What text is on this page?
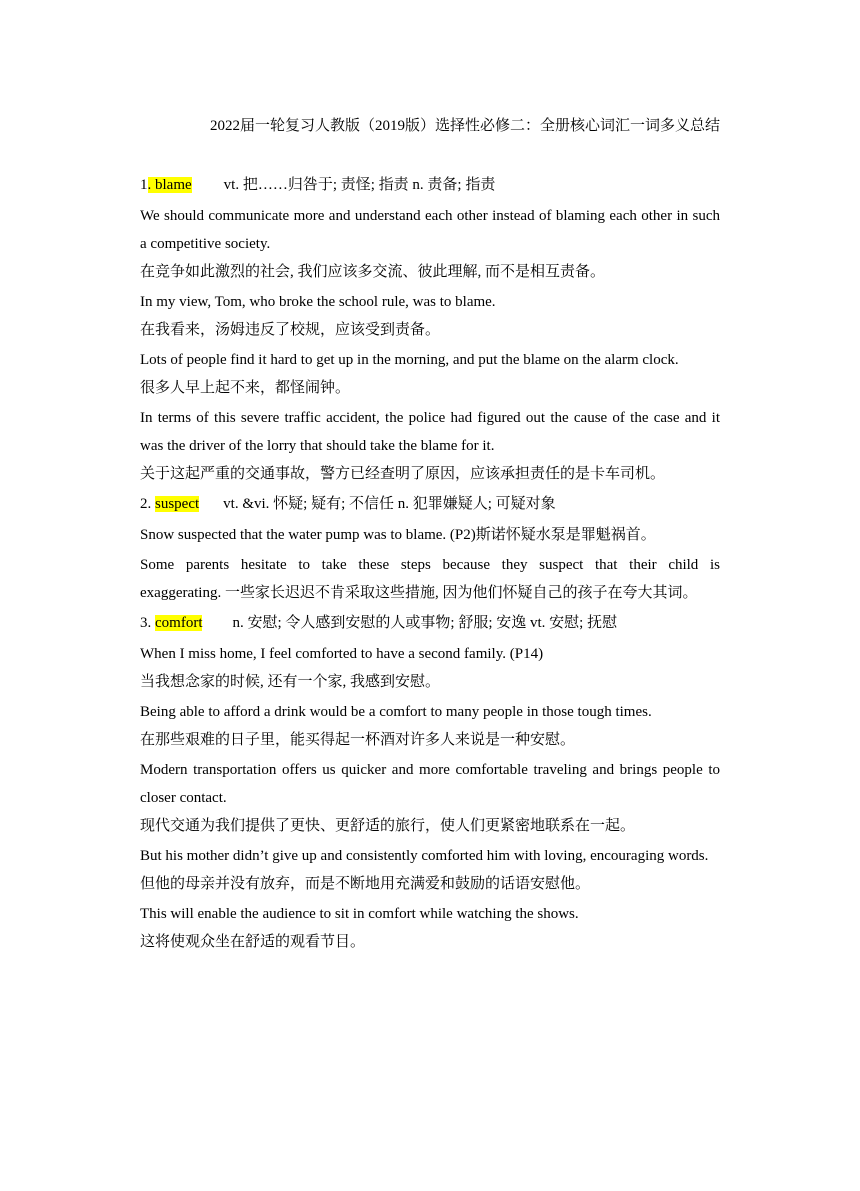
2022届一轮复习人教版（2019版）选择性必修二：全册核心词汇一词多义总结
1. blame vt. 把……归咎于; 责怪; 指责 n. 责备; 指责
We should communicate more and understand each other instead of blaming each other in such a competitive society.
在竞争如此激烈的社会, 我们应该多交流、彼此理解, 而不是相互责备。
In my view, Tom, who broke the school rule, was to blame.
在我看来，汤姆违反了校规，应该受到责备。
Lots of people find it hard to get up in the morning, and put the blame on the alarm clock.
很多人早上起不来，都怪闹钟。
In terms of this severe traffic accident, the police had figured out the cause of the case and it was the driver of the lorry that should take the blame for it.
关于这起严重的交通事故，警方已经查明了原因，应该承担责任的是卡车司机。
2. suspect vt. &vi. 怀疑; 疑有; 不信任 n. 犯罪嫌疑人; 可疑对象
Snow suspected that the water pump was to blame. (P2)斯诺怀疑水泵是罪魁祸首。
Some parents hesitate to take these steps because they suspect that their child is exaggerating. 一些家长迟迟不肯采取这些措施, 因为他们怀疑自己的孩子在夸大其词。
3. comfort n. 安慰; 令人感到安慰的人或事物; 舒服; 安逸 vt. 安慰; 抚慰
When I miss home, I feel comforted to have a second family. (P14)
当我想念家的时候, 还有一个家, 我感到安慰。
Being able to afford a drink would be a comfort to many people in those tough times.
在那些艰难的日子里，能买得起一杯酒对许多人来说是一种安慰。
Modern transportation offers us quicker and more comfortable traveling and brings people to closer contact.
现代交通为我们提供了更快、更舒适的旅行，使人们更紧密地联系在一起。
But his mother didn’t give up and consistently comforted him with loving, encouraging words.
但他的母亲并没有放弃，而是不断地用充满爱和鼓励的话语安慰他。
This will enable the audience to sit in comfort while watching the shows.
这将使观众坐在舒适的观看节目。
